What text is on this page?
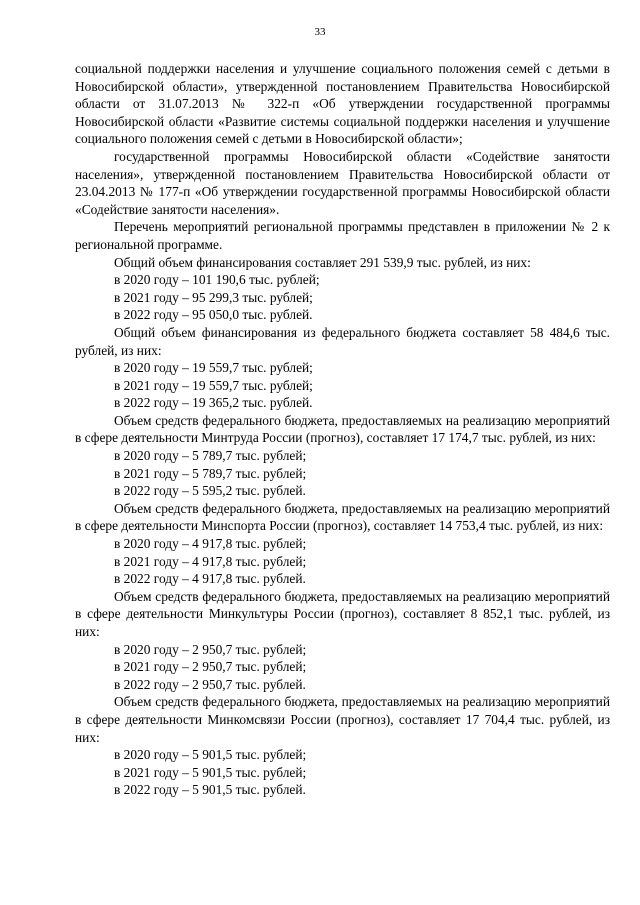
33

социальной поддержки населения и улучшение социального положения семей с детьми в Новосибирской области», утвержденной постановлением Правительства Новосибирской области от 31.07.2013 № 322-п «Об утверждении государственной программы Новосибирской области «Развитие системы социальной поддержки населения и улучшение социального положения семей с детьми в Новосибирской области»;

государственной программы Новосибирской области «Содействие занятости населения», утвержденной постановлением Правительства Новосибирской области от 23.04.2013 № 177-п «Об утверждении государственной программы Новосибирской области «Содействие занятости населения».

Перечень мероприятий региональной программы представлен в приложении № 2 к региональной программе.

Общий объем финансирования составляет 291 539,9 тыс. рублей, из них:

в 2020 году – 101 190,6 тыс. рублей;

в 2021 году – 95 299,3 тыс. рублей;

в 2022 году – 95 050,0 тыс. рублей.

Общий объем финансирования из федерального бюджета составляет 58 484,6 тыс. рублей, из них:

в 2020 году – 19 559,7 тыс. рублей;

в 2021 году – 19 559,7 тыс. рублей;

в 2022 году – 19 365,2 тыс. рублей.

Объем средств федерального бюджета, предоставляемых на реализацию мероприятий в сфере деятельности Минтруда России (прогноз), составляет 17 174,7 тыс. рублей, из них:

в 2020 году – 5 789,7 тыс. рублей;

в 2021 году – 5 789,7 тыс. рублей;

в 2022 году – 5 595,2 тыс. рублей.

Объем средств федерального бюджета, предоставляемых на реализацию мероприятий в сфере деятельности Минспорта России (прогноз), составляет 14 753,4 тыс. рублей, из них:

в 2020 году – 4 917,8 тыс. рублей;

в 2021 году – 4 917,8 тыс. рублей;

в 2022 году – 4 917,8 тыс. рублей.

Объем средств федерального бюджета, предоставляемых на реализацию мероприятий в сфере деятельности Минкультуры России (прогноз), составляет 8 852,1 тыс. рублей, из них:

в 2020 году – 2 950,7 тыс. рублей;

в 2021 году – 2 950,7 тыс. рублей;

в 2022 году – 2 950,7 тыс. рублей.

Объем средств федерального бюджета, предоставляемых на реализацию мероприятий в сфере деятельности Минкомсвязи России (прогноз), составляет 17 704,4 тыс. рублей, из них:

в 2020 году – 5 901,5 тыс. рублей;

в 2021 году – 5 901,5 тыс. рублей;

в 2022 году – 5 901,5 тыс. рублей.
